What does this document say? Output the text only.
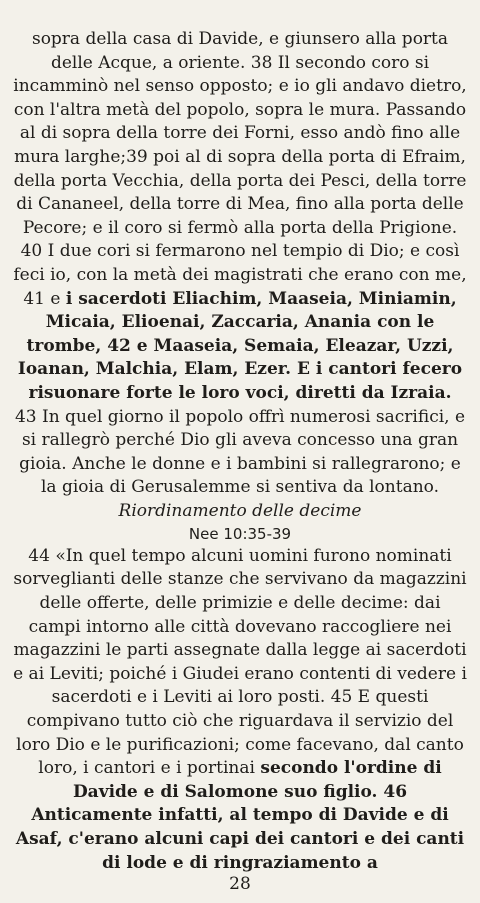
sopra della casa di Davide, e giunsero alla porta delle Acque, a oriente. 38 Il secondo coro si incamminò nel senso opposto; e io gli andavo dietro, con l'altra metà del popolo, sopra le mura. Passando al di sopra della torre dei Forni, esso andò fino alle mura larghe;39 poi al di sopra della porta di Efraim, della porta Vecchia, della porta dei Pesci, della torre di Cananeel, della torre di Mea, fino alla porta delle Pecore; e il coro si fermò alla porta della Prigione. 40 I due cori si fermarono nel tempio di Dio; e così feci io, con la metà dei magistrati che erano con me, 41 e i sacerdoti Eliachim, Maaseia, Miniamin, Micaia, Elioenai, Zaccaria, Anania con le trombe, 42 e Maaseia, Semaia, Eleazar, Uzzi, Ioanan, Malchia, Elam, Ezer. E i cantori fecero risuonare forte le loro voci, diretti da Izraia.

43 In quel giorno il popolo offrì numerosi sacrifici, e si rallegrò perché Dio gli aveva concesso una gran gioia. Anche le donne e i bambini si rallegrarono; e la gioia di Gerusalemme si sentiva da lontano.

Riordinamento delle decime

Nee 10:35-39

44 «In quel tempo alcuni uomini furono nominati sorveglianti delle stanze che servivano da magazzini delle offerte, delle primizie e delle decime: dai campi intorno alle città dovevano raccogliere nei magazzini le parti assegnate dalla legge ai sacerdoti e ai Leviti; poiché i Giudei erano contenti di vedere i sacerdoti e i Leviti ai loro posti. 45 E questi compivano tutto ciò che riguardava il servizio del loro Dio e le purificazioni; come facevano, dal canto loro, i cantori e i portinai secondo l'ordine di Davide e di Salomone suo figlio. 46 Anticamente infatti, al tempo di Davide e di Asaf, c'erano alcuni capi dei cantori e dei canti di lode e di ringraziamento a

28
